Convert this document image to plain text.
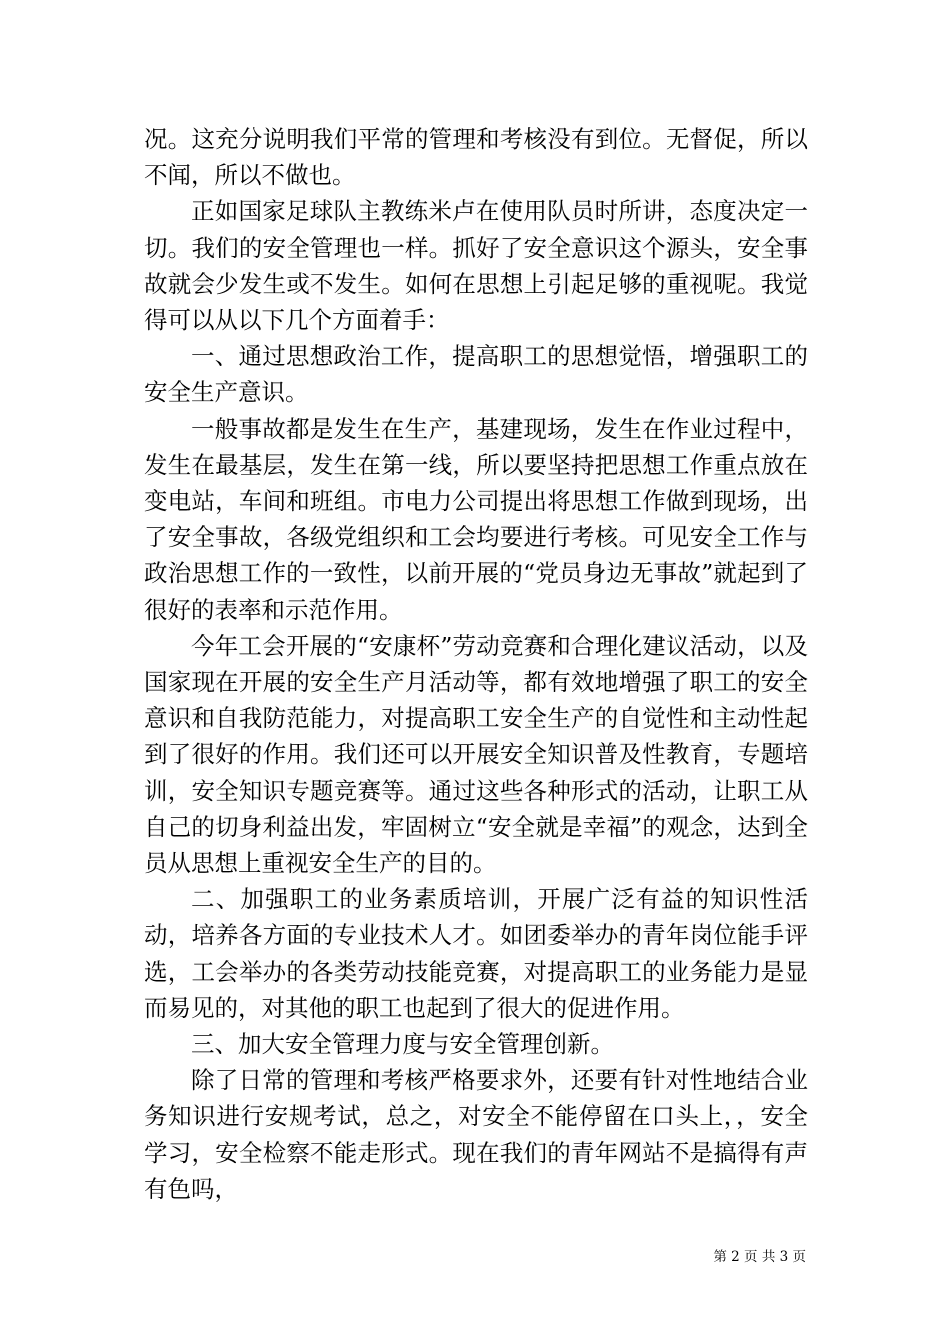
况。这充分说明我们平常的管理和考核没有到位。无督促，所以不闻，所以不做也。

正如国家足球队主教练米卢在使用队员时所讲，态度决定一切。我们的安全管理也一样。抓好了安全意识这个源头，安全事故就会少发生或不发生。如何在思想上引起足够的重视呢。我觉得可以从以下几个方面着手：

一、通过思想政治工作，提高职工的思想觉悟，增强职工的安全生产意识。

一般事故都是发生在生产，基建现场，发生在作业过程中，发生在最基层，发生在第一线，所以要坚持把思想工作重点放在变电站，车间和班组。市电力公司提出将思想工作做到现场，出了安全事故，各级党组织和工会均要进行考核。可见安全工作与政治思想工作的一致性，以前开展的“党员身边无事故”就起到了很好的表率和示范作用。

今年工会开展的“安康杯”劳动竞赛和合理化建议活动，以及国家现在开展的安全生产月活动等，都有效地增强了职工的安全意识和自我防范能力，对提高职工安全生产的自觉性和主动性起到了很好的作用。我们还可以开展安全知识普及性教育，专题培训，安全知识专题竞赛等。通过这些各种形式的活动，让职工从自己的切身利益出发，牢固树立“安全就是幸福”的观念，达到全员从思想上重视安全生产的目的。

二、加强职工的业务素质培训，开展广泛有益的知识性活动，培养各方面的专业技术人才。如团委举办的青年岗位能手评选，工会举办的各类劳动技能竞赛，对提高职工的业务能力是显而易见的，对其他的职工也起到了很大的促进作用。

三、加大安全管理力度与安全管理创新。

除了日常的管理和考核严格要求外，还要有针对性地结合业务知识进行安规考试，总之，对安全不能停留在口头上，，安全学习，安全检察不能走形式。现在我们的青年网站不是搞得有声有色吗，

第 2 页 共 3 页
